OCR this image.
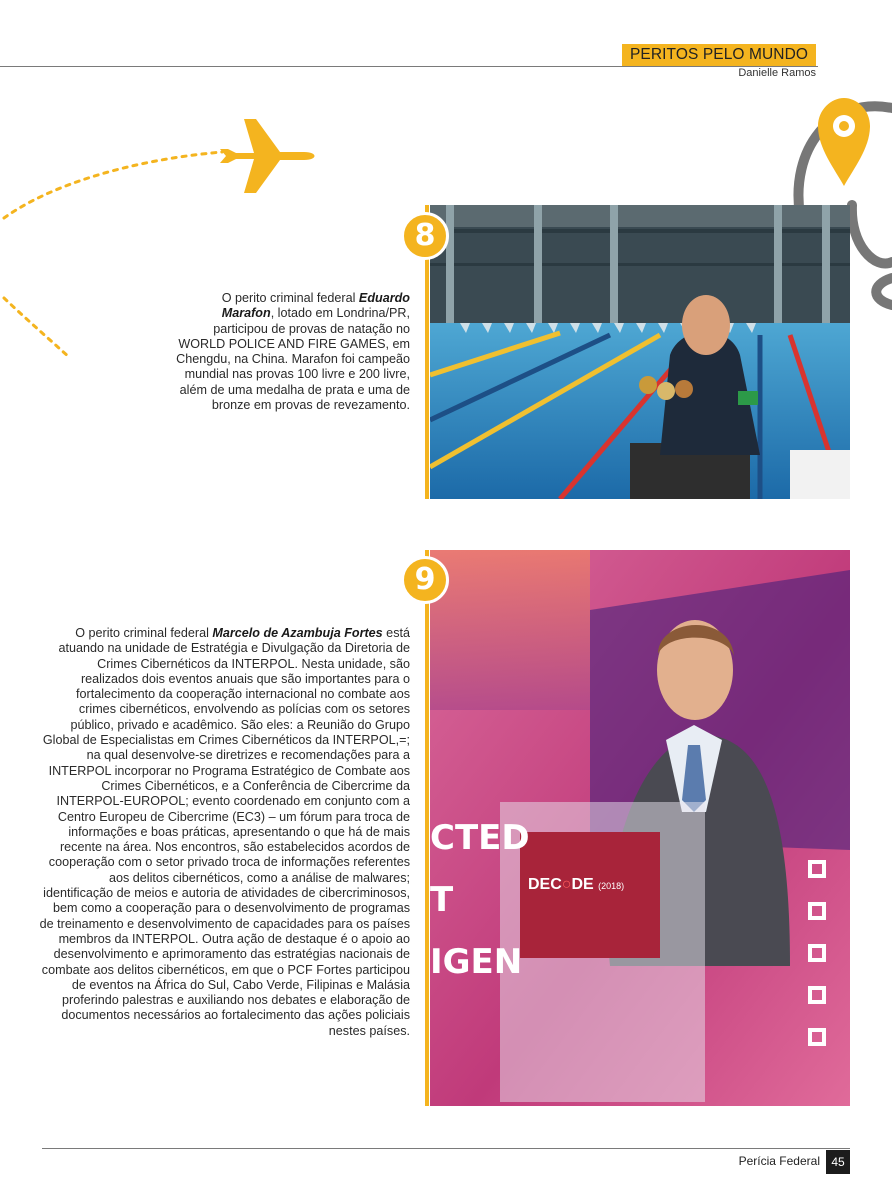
PERITOS PELO MUNDO
Danielle Ramos
8
O perito criminal federal Eduardo Marafon, lotado em Londrina/PR, participou de provas de natação no WORLD POLICE AND FIRE GAMES, em Chengdu, na China. Marafon foi campeão mundial nas provas 100 livre e 200 livre, além de uma medalha de prata e uma de bronze em provas de revezamento.
CTED
T
IGEN
DEC○DE (2018)
9
O perito criminal federal Marcelo de Azambuja Fortes está atuando na unidade de Estratégia e Divulgação da Diretoria de Crimes Cibernéticos da INTERPOL. Nesta unidade, são realizados dois eventos anuais que são importantes para o fortalecimento da cooperação internacional no combate aos crimes cibernéticos, envolvendo as polícias com os setores público, privado e acadêmico. São eles: a Reunião do Grupo Global de Especialistas em Crimes Cibernéticos da INTERPOL,=; na qual desenvolve-se diretrizes e recomendações para a INTERPOL incorporar no Programa Estratégico de Combate aos Crimes Cibernéticos, e a Conferência de Cibercrime da INTERPOL-EUROPOL; evento coordenado em conjunto com a Centro Europeu de Cibercrime (EC3) – um fórum para troca de informações e boas práticas, apresentando o que há de mais recente na área. Nos encontros, são estabelecidos acordos de cooperação com o setor privado troca de informações referentes aos delitos cibernéticos, como a análise de malwares; identificação de meios e autoria de atividades de cibercriminosos, bem como a cooperação para o desenvolvimento de programas de treinamento e desenvolvimento de capacidades para os países membros da INTERPOL. Outra ação de destaque é o apoio ao desenvolvimento e aprimoramento das estratégias nacionais de combate aos delitos cibernéticos, em que o PCF Fortes participou de eventos na África do Sul, Cabo Verde, Filipinas e Malásia proferindo palestras e auxiliando nos debates e elaboração de documentos necessários ao fortalecimento das ações policiais nestes países.
Perícia Federal 45
